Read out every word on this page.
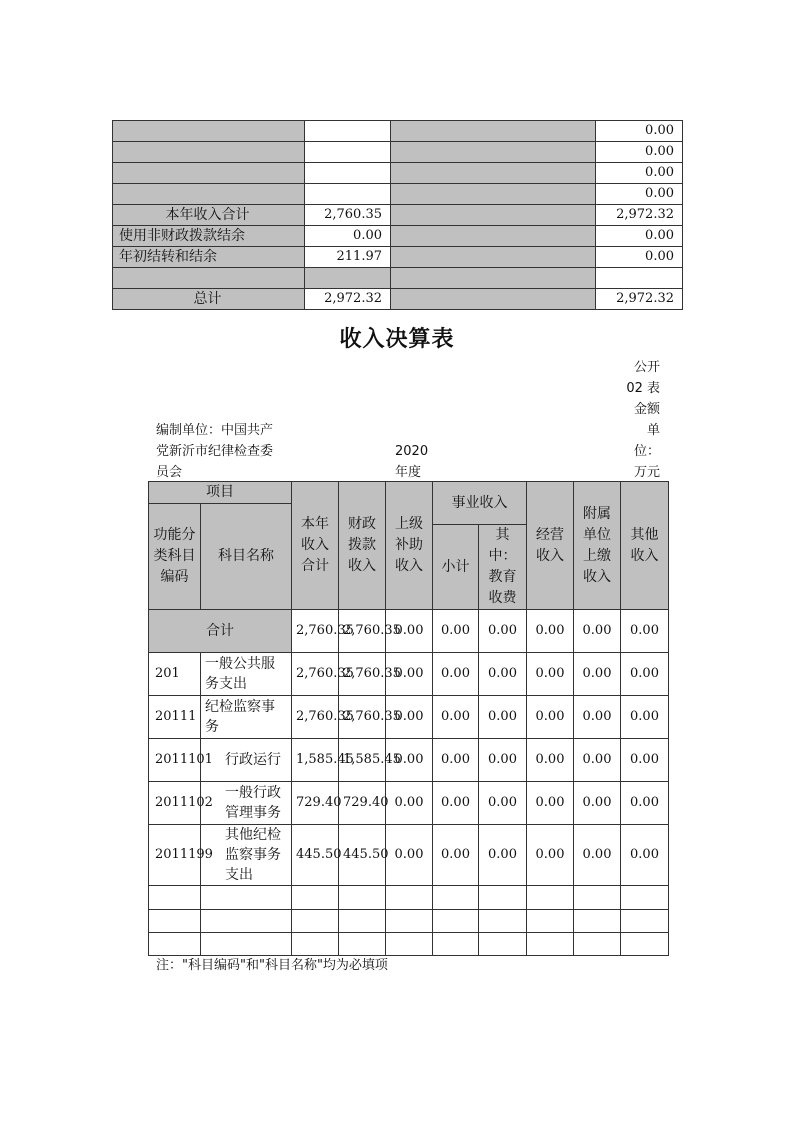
			0.00
			0.00
			0.00
			0.00
本年收入合计	2,760.35		2,972.32
使用非财政拨款结余	0.00		0.00
年初结转和结余	211.97		0.00

总计	2,972.32		2,972.32
收入决算表
公开
02 表
金额
单
位：
万元
编制单位：中国共产
党新沂市纪律检查委
员会
2020
年度
项目		本年收入合计	财政拨款收入	上级补助收入	事业收入		经营收入	附属单位上缴收入	其他收入
功能分类科目编码	科目名称								
					小计	其中：教育收费			
合计		2,760.35	2,760.35	0.00	0.00	0.00	0.00	0.00	0.00
201	一般公共服务支出	2,760.35	2,760.35	0.00	0.00	0.00	0.00	0.00	0.00
20111	纪检监察事务	2,760.35	2,760.35	0.00	0.00	0.00	0.00	0.00	0.00
2011101	行政运行	1,585.45	1,585.45	0.00	0.00	0.00	0.00	0.00	0.00
2011102	一般行政管理事务	729.40	729.40	0.00	0.00	0.00	0.00	0.00	0.00
2011199	其他纪检监察事务支出	445.50	445.50	0.00	0.00	0.00	0.00	0.00	0.00

注："科目编码"和"科目名称"均为必填项
